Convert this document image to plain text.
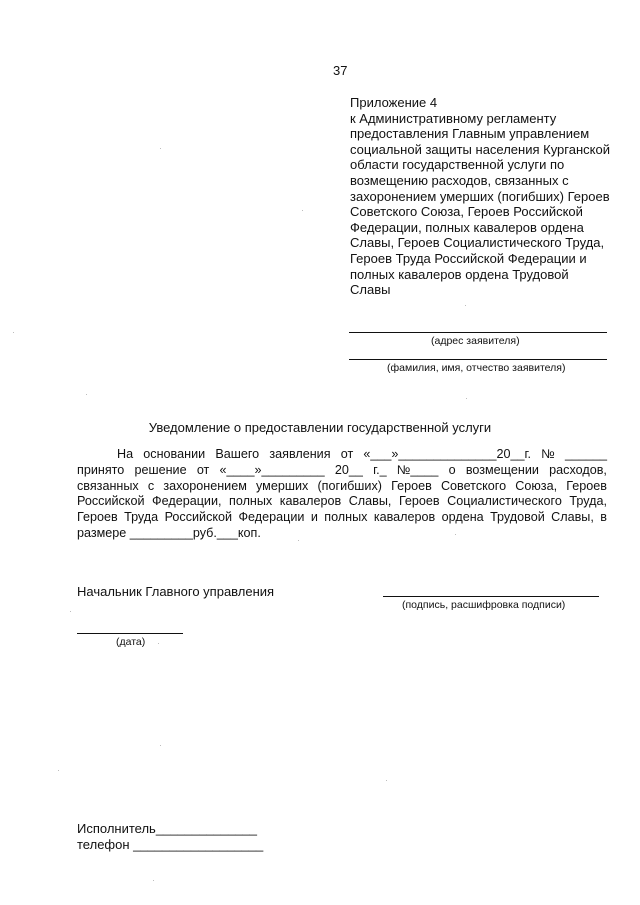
37
Приложение 4
к Административному регламенту
предоставления Главным управлением
социальной защиты населения Курганской
области государственной услуги по
возмещению расходов, связанных с
захоронением умерших (погибших) Героев
Советского Союза, Героев Российской
Федерации, полных кавалеров ордена
Славы, Героев Социалистического Труда,
Героев Труда Российской Федерации и
полных кавалеров ордена Трудовой
Славы
(адрес заявителя)
(фамилия, имя, отчество заявителя)
Уведомление о предоставлении государственной услуги
На основании Вашего заявления от «___»______________20__г. № ______
принято решение от «____»_________ 20__ г._ №____ о возмещении расходов,
связанных с захоронением умерших (погибших) Героев Советского Союза, Героев
Российской Федерации, полных кавалеров Славы, Героев Социалистического Труда,
Героев Труда Российской Федерации и полных кавалеров ордена Трудовой Славы, в
размере _________руб.___коп.
Начальник Главного управления
(подпись, расшифровка подписи)
(дата)
Исполнитель______________
телефон __________________
